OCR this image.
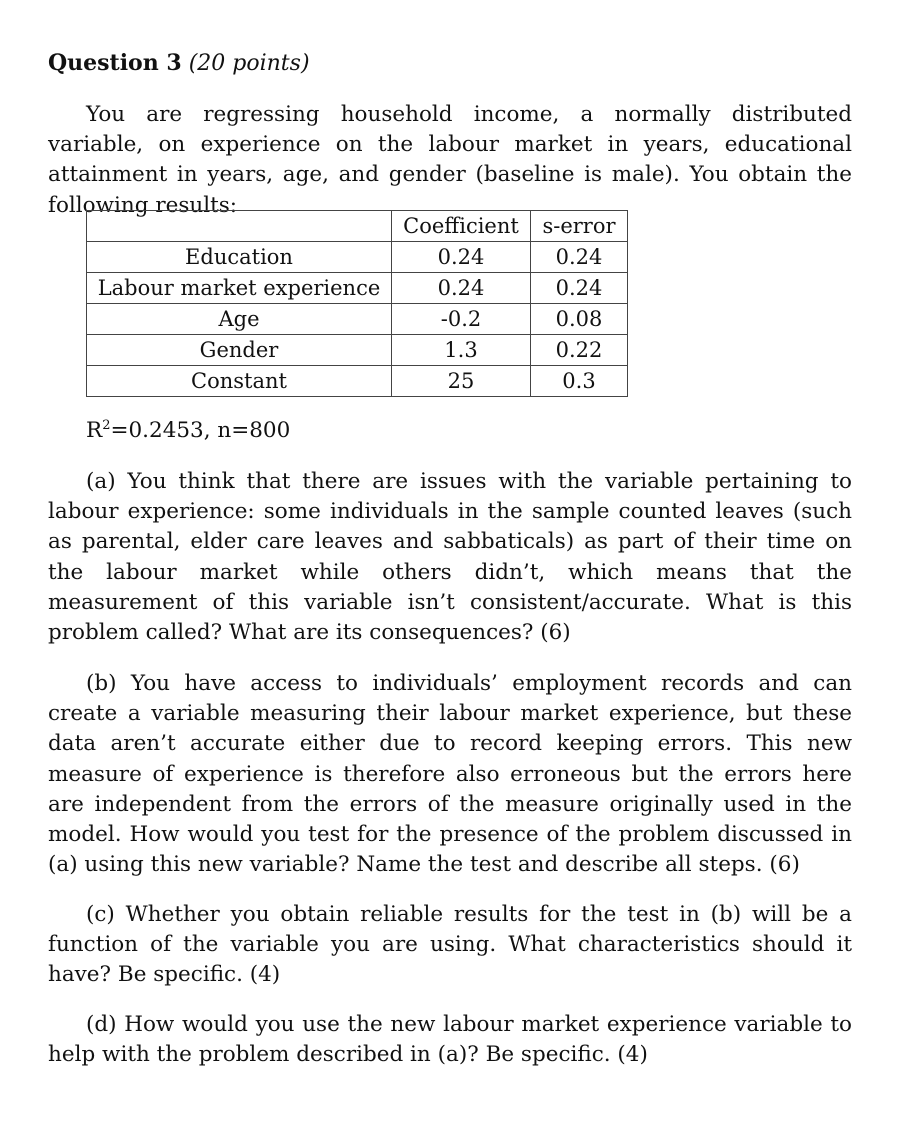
Question 3 (20 points)

You are regressing household income, a normally distributed variable, on experience on the labour market in years, educational attainment in years, age, and gender (baseline is male). You obtain the following results:

	Coefficient	s-error
Education	0.24	0.24
Labour market experience	0.24	0.24
Age	-0.2	0.08
Gender	1.3	0.22
Constant	25	0.3
$R^2=0.2453$, n=800

(a) You think that there are issues with the variable pertaining to labour experience: some individuals in the sample counted leaves (such as parental, elder care leaves and sabbaticals) as part of their time on the labour market while others didn’t, which means that the measurement of this variable isn’t consistent/accurate. What is this problem called? What are its consequences? (6)

(b) You have access to individuals’ employment records and can create a variable measuring their labour market experience, but these data aren’t accurate either due to record keeping errors. This new measure of experience is therefore also erroneous but the errors here are independent from the errors of the measure originally used in the model. How would you test for the presence of the problem discussed in (a) using this new variable? Name the test and describe all steps. (6)

(c) Whether you obtain reliable results for the test in (b) will be a function of the variable you are using. What characteristics should it have? Be specific. (4)

(d) How would you use the new labour market experience variable to help with the problem described in (a)? Be specific. (4)
